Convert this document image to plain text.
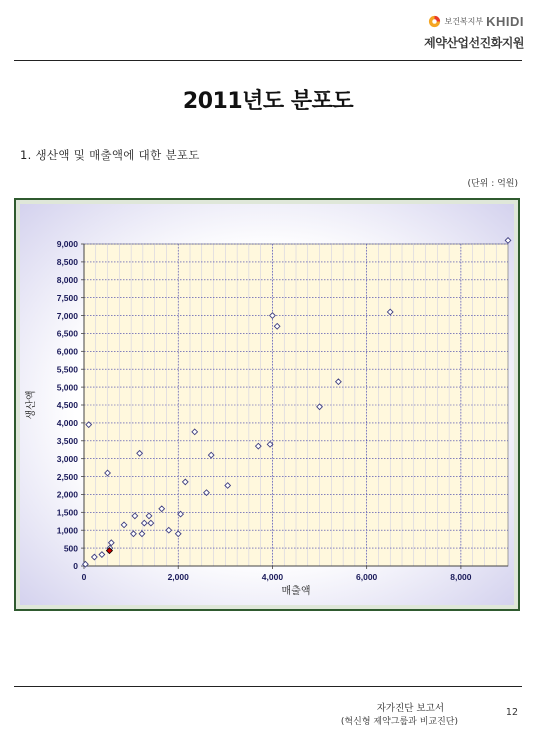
보건복지부 KHIDI
제약산업선진화지원
2011년도 분포도
1. 생산액 및 매출액에 대한 분포도
(단위 : 억원)
0
500
1,000
1,500
2,000
2,500
3,000
3,500
4,000
4,500
5,000
5,500
6,000
6,500
7,000
7,500
8,000
8,500
9,000
0	2,000	4,000	6,000	8,000
매출액
생산액
자가진단 보고서
(혁신형 제약그룹과 비교진단)
12
